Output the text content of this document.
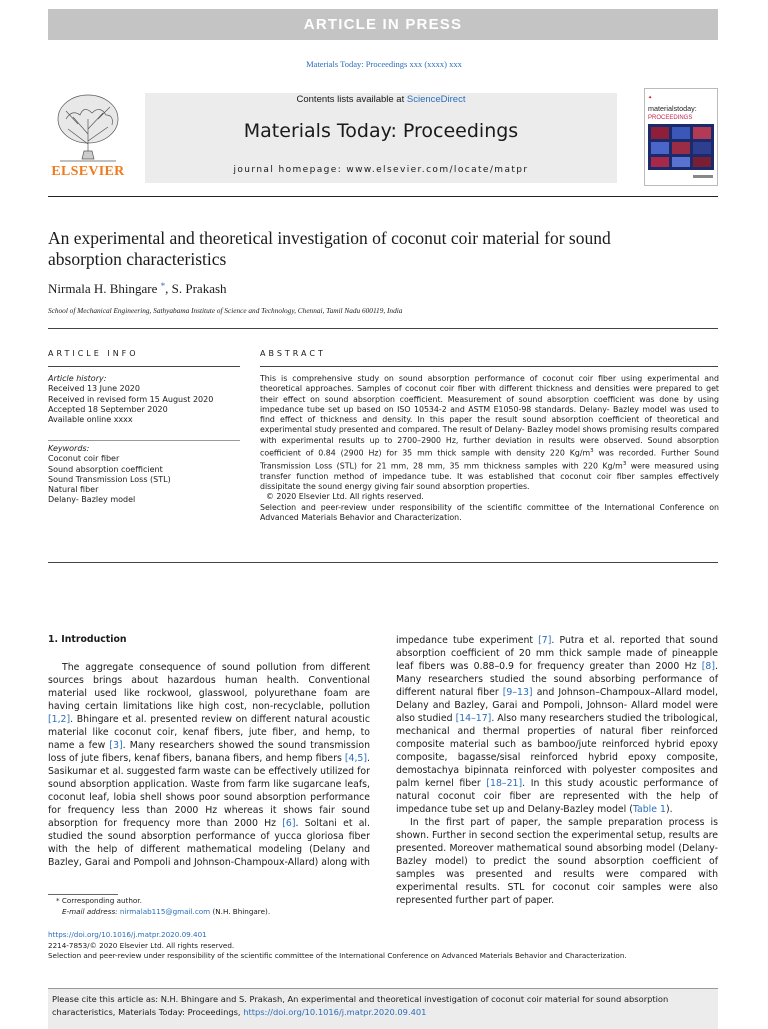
ARTICLE IN PRESS
Materials Today: Proceedings xxx (xxxx) xxx
ELSEVIER
Contents lists available at ScienceDirect
Materials Today: Proceedings
journal homepage: www.elsevier.com/locate/matpr
✦
materialstoday:
PROCEEDINGS
An experimental and theoretical investigation of coconut coir material for sound absorption characteristics
Nirmala H. Bhingare *, S. Prakash
School of Mechanical Engineering, Sathyabama Institute of Science and Technology, Chennai, Tamil Nadu 600119, India
ARTICLE INFO
Article history:
Received 13 June 2020
Received in revised form 15 August 2020
Accepted 18 September 2020
Available online xxxx
Keywords:
Coconut coir fiber
Sound absorption coefficient
Sound Transmission Loss (STL)
Natural fiber
Delany- Bazley model
ABSTRACT
This is comprehensive study on sound absorption performance of coconut coir fiber using experimental and theoretical approaches. Samples of coconut coir fiber with different thickness and densities were prepared to get their effect on sound absorption coefficient. Measurement of sound absorption coefficient was done by using impedance tube set up based on ISO 10534-2 and ASTM E1050-98 standards. Delany- Bazley model was used to find effect of thickness and density. In this paper the result sound absorption coefficient of theoretical and experimental study presented and compared. The result of Delany- Bazley model shows promising results compared with experimental results up to 2700–2900 Hz, further deviation in results were observed. Sound absorption coefficient of 0.84 (2900 Hz) for 35 mm thick sample with density 220 $Kg/m^3$ was recorded. Further Sound Transmission Loss (STL) for 21 mm, 28 mm, 35 mm thickness samples with 220 $Kg/m^3$ were measured using transfer function method of impedance tube. It was established that coconut coir fiber samples effectively dissipitate the sound energy giving fair sound absorption properties.
© 2020 Elsevier Ltd. All rights reserved.
Selection and peer-review under responsibility of the scientific committee of the International Conference on Advanced Materials Behavior and Characterization.
1. Introduction

The aggregate consequence of sound pollution from different sources brings about hazardous human health. Conventional material used like rockwool, glasswool, polyurethane foam are having certain limitations like high cost, non-recyclable, pollution [1,2]. Bhingare et al. presented review on different natural acoustic material like coconut coir, kenaf fibers, jute fiber, and hemp, to name a few [3]. Many researchers showed the sound transmission loss of jute fibers, kenaf fibers, banana fibers, and hemp fibers [4,5]. Sasikumar et al. suggested farm waste can be effectively utilized for sound absorption application. Waste from farm like sugarcane leafs, coconut leaf, lobia shell shows poor sound absorption performance for frequency less than 2000 Hz whereas it shows fair sound absorption for frequency more than 2000 Hz [6]. Soltani et al. studied the sound absorption performance of yucca gloriosa fiber with the help of different mathematical modeling (Delany and Bazley, Garai and Pompoli and Johnson-Champoux-Allard) along with

impedance tube experiment [7]. Putra et al. reported that sound absorption coefficient of 20 mm thick sample made of pineapple leaf fibers was 0.88–0.9 for frequency greater than 2000 Hz [8]. Many researchers studied the sound absorbing performance of different natural fiber [9–13] and Johnson–Champoux–Allard model, Delany and Bazley, Garai and Pompoli, Johnson- Allard model were also studied [14–17]. Also many researchers studied the tribological, mechanical and thermal properties of natural fiber reinforced composite material such as bamboo/jute reinforced hybrid epoxy composite, bagasse/sisal reinforced hybrid epoxy composite, demostachya bipinnata reinforced with polyester composites and palm kernel fiber [18–21]. In this study acoustic performance of natural coconut coir fiber are represented with the help of impedance tube set up and Delany-Bazley model (Table 1).

In the first part of paper, the sample preparation process is shown. Further in second section the experimental setup, results are presented. Moreover mathematical sound absorbing model (Delany-Bazley model) to predict the sound absorption coefficient of samples was presented and results were compared with experimental results. STL for coconut coir samples were also represented further part of paper.

* Corresponding author.
E-mail address: nirmalab115@gmail.com (N.H. Bhingare).
https://doi.org/10.1016/j.matpr.2020.09.401
2214-7853/© 2020 Elsevier Ltd. All rights reserved.
Selection and peer-review under responsibility of the scientific committee of the International Conference on Advanced Materials Behavior and Characterization.
Please cite this article as: N.H. Bhingare and S. Prakash, An experimental and theoretical investigation of coconut coir material for sound absorption characteristics, Materials Today: Proceedings, https://doi.org/10.1016/j.matpr.2020.09.401
